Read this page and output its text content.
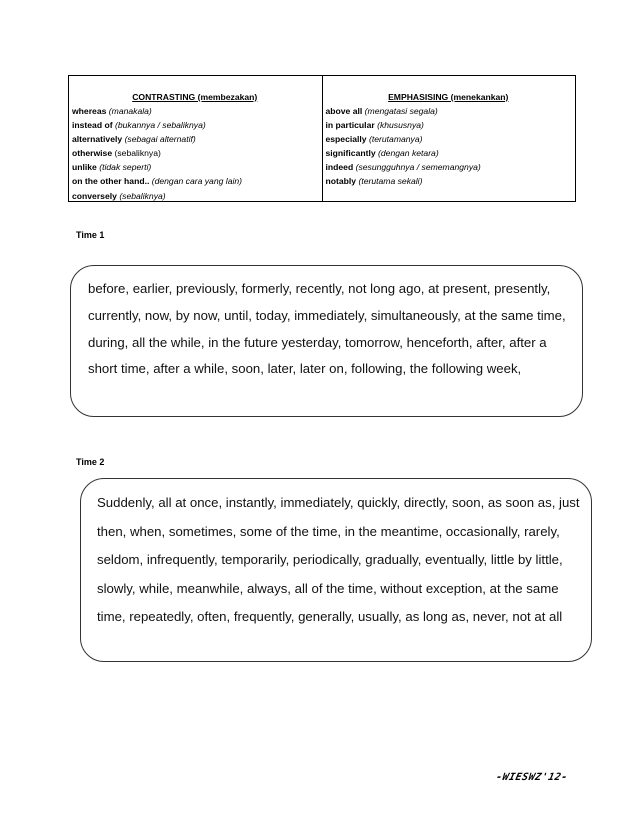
CONTRASTING (membezakan)
whereas (manakala)
instead of (bukannya / sebaliknya)
alternatively (sebagai alternatif)
otherwise (sebaliknya)
unlike (tidak seperti)
on the other hand.. (dengan cara yang lain)
conversely (sebaliknya)
EMPHASISING (menekankan)
above all (mengatasi segala)
in particular (khususnya)
especially (terutamanya)
significantly (dengan ketara)
indeed (sesungguhnya / sememangnya)
notably (terutama sekali)
Time 1

before, earlier, previously, formerly, recently, not long ago, at present, presently, currently, now, by now, until, today, immediately, simultaneously, at the same time, during, all the while, in the future yesterday, tomorrow, henceforth, after, after a short time, after a while, soon, later, later on, following, the following week,

Time 2

Suddenly, all at once, instantly, immediately, quickly, directly, soon, as soon as, just then, when, sometimes, some of the time, in the meantime, occasionally, rarely, seldom, infrequently, temporarily, periodically, gradually, eventually, little by little, slowly, while, meanwhile, always, all of the time, without exception, at the same time, repeatedly, often, frequently, generally, usually, as long as, never, not at all

-WIESWZ'12-
